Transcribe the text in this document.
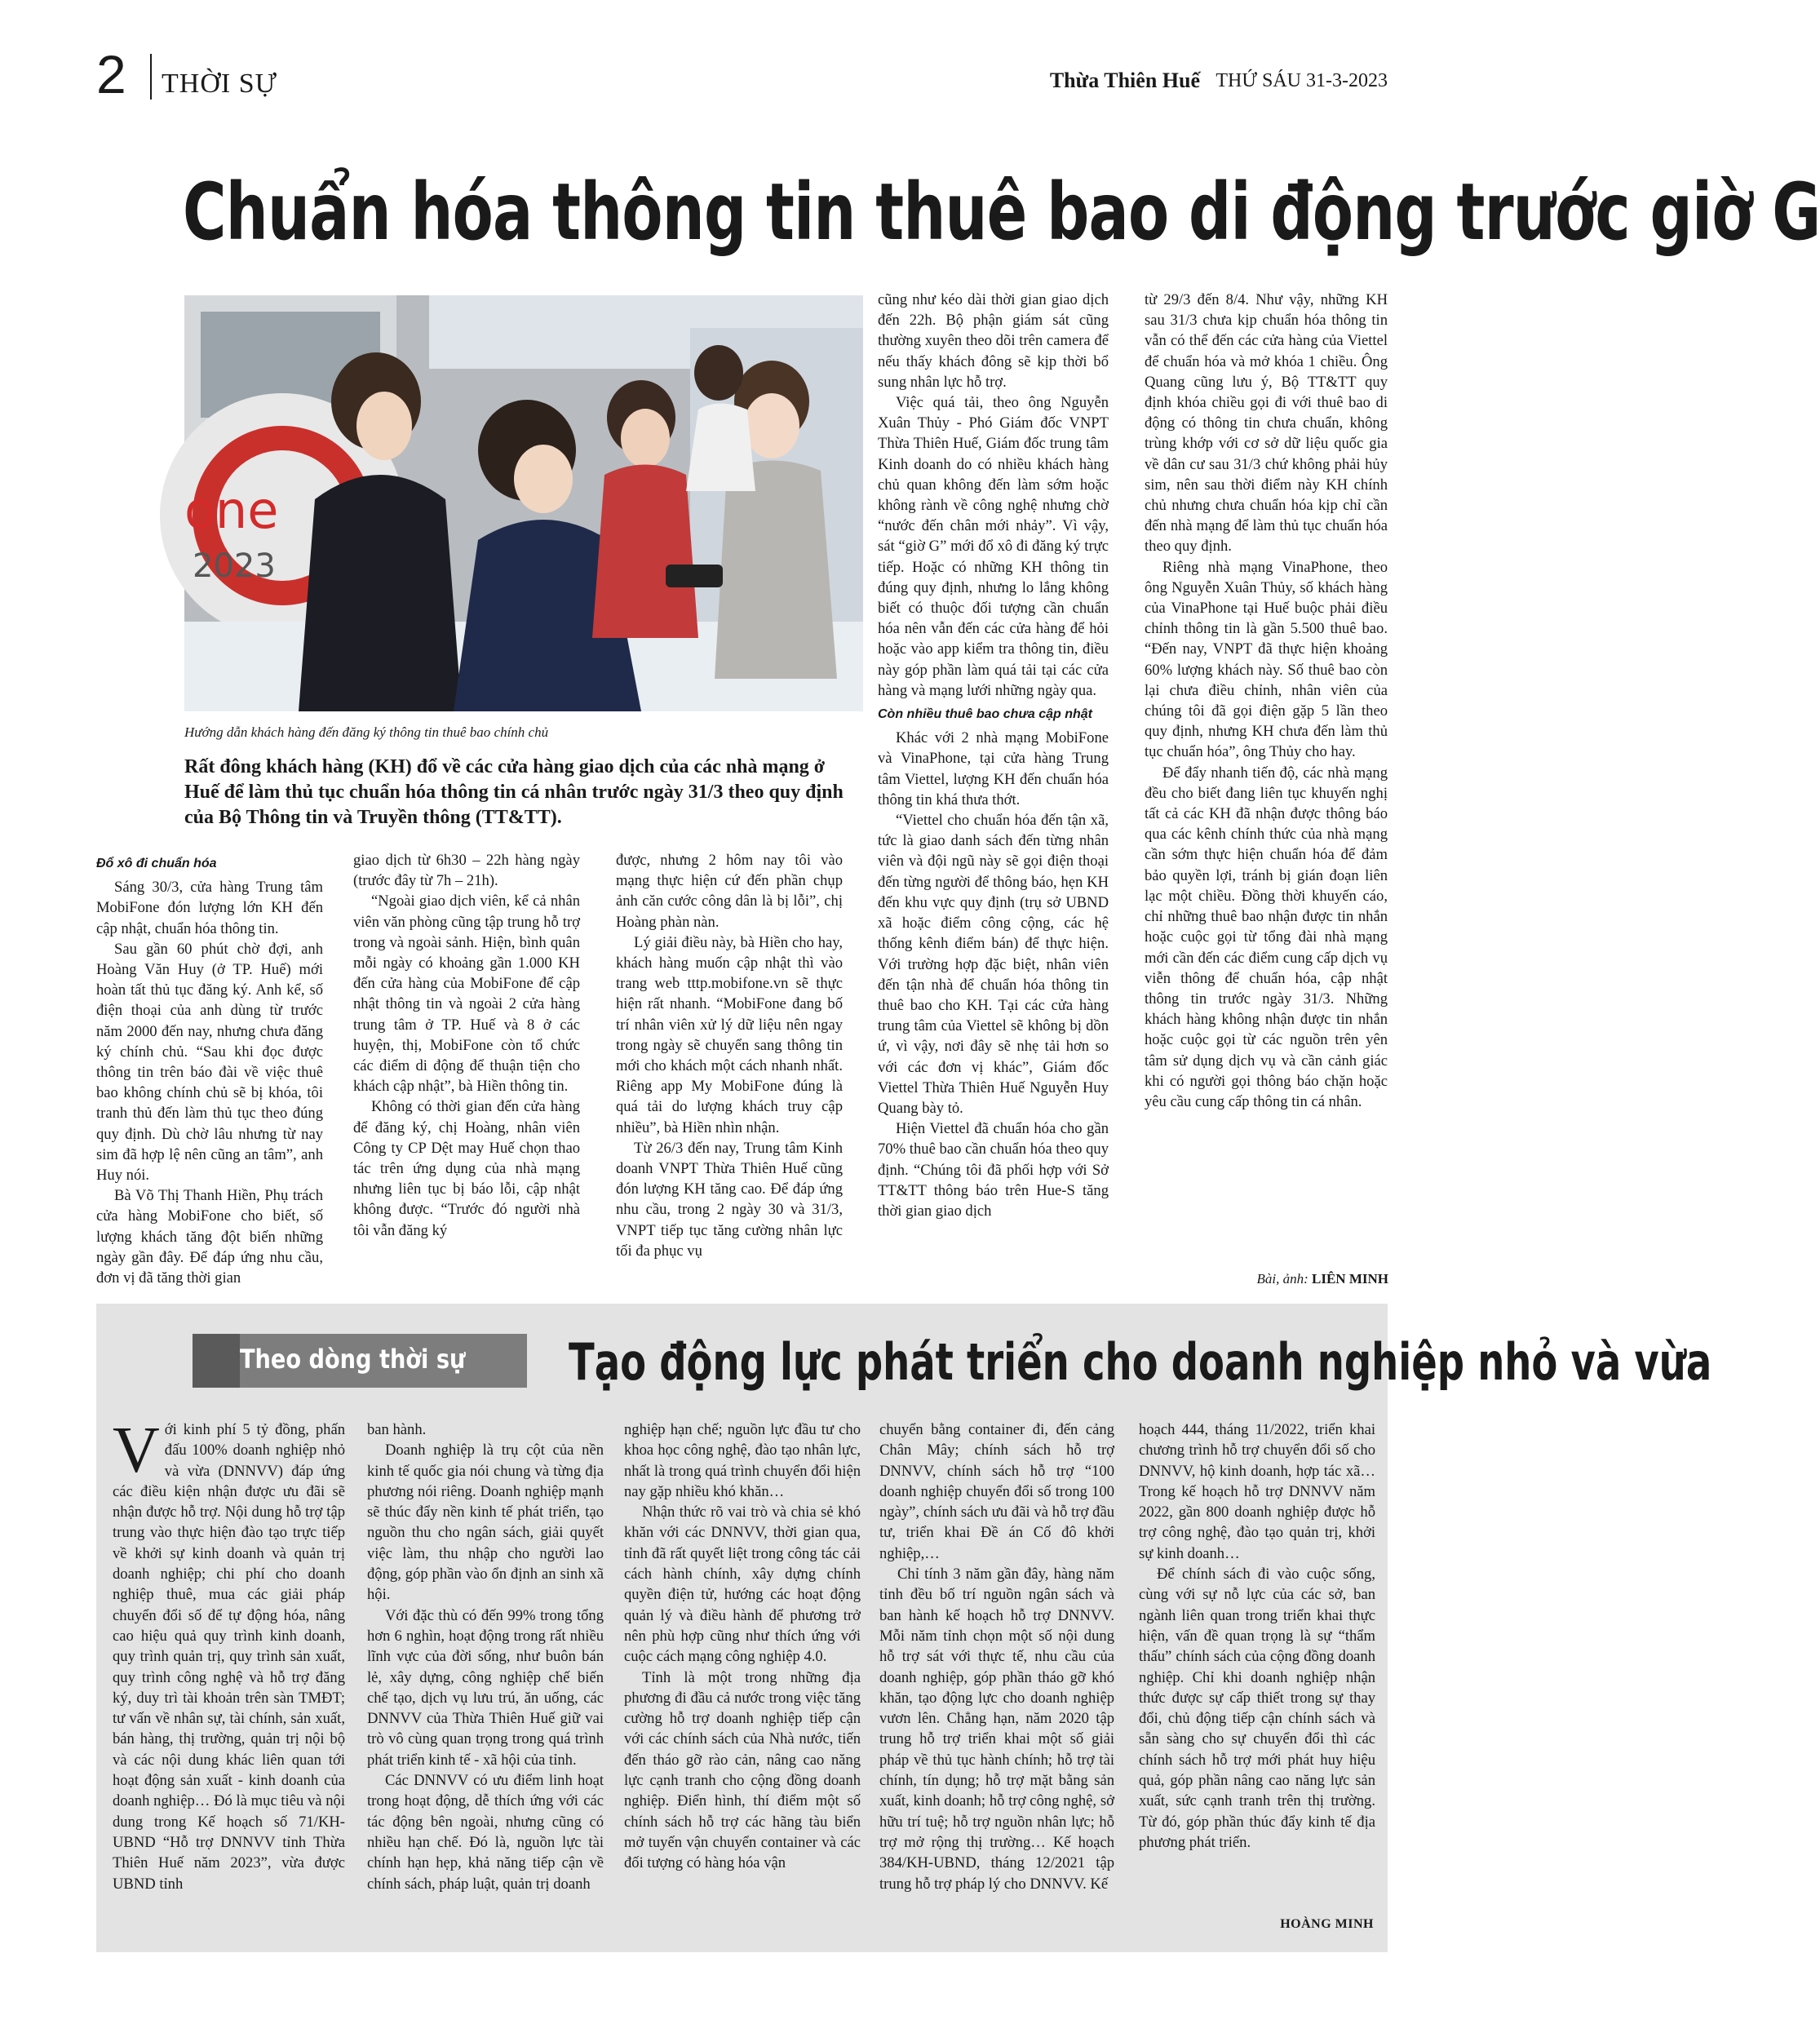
2 THỜI SỰ	Thừa Thiên Huế THỨ SÁU 31-3-2023
Chuẩn hóa thông tin thuê bao di động trước giờ G
one
2023
Hướng dẫn khách hàng đến đăng ký thông tin thuê bao chính chủ
Rất đông khách hàng (KH) đổ về các cửa hàng giao dịch của các nhà mạng ở Huế để làm thủ tục chuẩn hóa thông tin cá nhân trước ngày 31/3 theo quy định của Bộ Thông tin và Truyền thông (TT&TT).
Đổ xô đi chuẩn hóa

Sáng 30/3, cửa hàng Trung tâm MobiFone đón lượng lớn KH đến cập nhật, chuẩn hóa thông tin.

Sau gần 60 phút chờ đợi, anh Hoàng Văn Huy (ở TP. Huế) mới hoàn tất thủ tục đăng ký. Anh kể, số điện thoại của anh dùng từ trước năm 2000 đến nay, nhưng chưa đăng ký chính chủ. “Sau khi đọc được thông tin trên báo đài về việc thuê bao không chính chủ sẽ bị khóa, tôi tranh thủ đến làm thủ tục theo đúng quy định. Dù chờ lâu nhưng từ nay sim đã hợp lệ nên cũng an tâm”, anh Huy nói.

Bà Võ Thị Thanh Hiền, Phụ trách cửa hàng MobiFone cho biết, số lượng khách tăng đột biến những ngày gần đây. Để đáp ứng nhu cầu, đơn vị đã tăng thời gian

giao dịch từ 6h30 – 22h hàng ngày (trước đây từ 7h – 21h).

“Ngoài giao dịch viên, kể cả nhân viên văn phòng cũng tập trung hỗ trợ trong và ngoài sảnh. Hiện, bình quân mỗi ngày có khoảng gần 1.000 KH đến cửa hàng của MobiFone để cập nhật thông tin và ngoài 2 cửa hàng trung tâm ở TP. Huế và 8 ở các huyện, thị, MobiFone còn tổ chức các điểm di động để thuận tiện cho khách cập nhật”, bà Hiền thông tin.

Không có thời gian đến cửa hàng để đăng ký, chị Hoàng, nhân viên Công ty CP Dệt may Huế chọn thao tác trên ứng dụng của nhà mạng nhưng liên tục bị báo lỗi, cập nhật không được. “Trước đó người nhà tôi vẫn đăng ký

được, nhưng 2 hôm nay tôi vào mạng thực hiện cứ đến phần chụp ảnh căn cước công dân là bị lỗi”, chị Hoàng phàn nàn.

Lý giải điều này, bà Hiền cho hay, khách hàng muốn cập nhật thì vào trang web tttp.mobifone.vn sẽ thực hiện rất nhanh. “MobiFone đang bố trí nhân viên xử lý dữ liệu nên ngay trong ngày sẽ chuyển sang thông tin mới cho khách một cách nhanh nhất. Riêng app My MobiFone đúng là quá tải do lượng khách truy cập nhiều”, bà Hiền nhìn nhận.

Từ 26/3 đến nay, Trung tâm Kinh doanh VNPT Thừa Thiên Huế cũng đón lượng KH tăng cao. Để đáp ứng nhu cầu, trong 2 ngày 30 và 31/3, VNPT tiếp tục tăng cường nhân lực tối đa phục vụ

cũng như kéo dài thời gian giao dịch đến 22h. Bộ phận giám sát cũng thường xuyên theo dõi trên camera để nếu thấy khách đông sẽ kịp thời bổ sung nhân lực hỗ trợ.

Việc quá tải, theo ông Nguyễn Xuân Thủy - Phó Giám đốc VNPT Thừa Thiên Huế, Giám đốc trung tâm Kinh doanh do có nhiều khách hàng chủ quan không đến làm sớm hoặc không rành về công nghệ nhưng chờ “nước đến chân mới nhảy”. Vì vậy, sát “giờ G” mới đổ xô đi đăng ký trực tiếp. Hoặc có những KH thông tin đúng quy định, nhưng lo lắng không biết có thuộc đối tượng cần chuẩn hóa nên vẫn đến các cửa hàng để hỏi hoặc vào app kiểm tra thông tin, điều này góp phần làm quá tải tại các cửa hàng và mạng lưới những ngày qua.

Còn nhiều thuê bao chưa cập nhật

Khác với 2 nhà mạng MobiFone và VinaPhone, tại cửa hàng Trung tâm Viettel, lượng KH đến chuẩn hóa thông tin khá thưa thớt.

“Viettel cho chuẩn hóa đến tận xã, tức là giao danh sách đến từng nhân viên và đội ngũ này sẽ gọi điện thoại đến từng người để thông báo, hẹn KH đến khu vực quy định (trụ sở UBND xã hoặc điểm công cộng, các hệ thống kênh điểm bán) để thực hiện. Với trường hợp đặc biệt, nhân viên đến tận nhà để chuẩn hóa thông tin thuê bao cho KH. Tại các cửa hàng trung tâm của Viettel sẽ không bị dồn ứ, vì vậy, nơi đây sẽ nhẹ tải hơn so với các đơn vị khác”, Giám đốc Viettel Thừa Thiên Huế Nguyễn Huy Quang bày tỏ.

Hiện Viettel đã chuẩn hóa cho gần 70% thuê bao cần chuẩn hóa theo quy định. “Chúng tôi đã phối hợp với Sở TT&TT thông báo trên Hue-S tăng thời gian giao dịch

từ 29/3 đến 8/4. Như vậy, những KH sau 31/3 chưa kịp chuẩn hóa thông tin vẫn có thể đến các cửa hàng của Viettel để chuẩn hóa và mở khóa 1 chiều. Ông Quang cũng lưu ý, Bộ TT&TT quy định khóa chiều gọi đi với thuê bao di động có thông tin chưa chuẩn, không trùng khớp với cơ sở dữ liệu quốc gia về dân cư sau 31/3 chứ không phải hủy sim, nên sau thời điểm này KH chính chủ nhưng chưa chuẩn hóa kịp chỉ cần đến nhà mạng để làm thủ tục chuẩn hóa theo quy định.

Riêng nhà mạng VinaPhone, theo ông Nguyễn Xuân Thủy, số khách hàng của VinaPhone tại Huế buộc phải điều chỉnh thông tin là gần 5.500 thuê bao. “Đến nay, VNPT đã thực hiện khoảng 60% lượng khách này. Số thuê bao còn lại chưa điều chỉnh, nhân viên của chúng tôi đã gọi điện gặp 5 lần theo quy định, nhưng KH chưa đến làm thủ tục chuẩn hóa”, ông Thủy cho hay.

Để đẩy nhanh tiến độ, các nhà mạng đều cho biết đang liên tục khuyến nghị tất cả các KH đã nhận được thông báo qua các kênh chính thức của nhà mạng cần sớm thực hiện chuẩn hóa để đảm bảo quyền lợi, tránh bị gián đoạn liên lạc một chiều. Đồng thời khuyến cáo, chỉ những thuê bao nhận được tin nhắn hoặc cuộc gọi từ tổng đài nhà mạng mới cần đến các điểm cung cấp dịch vụ viễn thông để chuẩn hóa, cập nhật thông tin trước ngày 31/3. Những khách hàng không nhận được tin nhắn hoặc cuộc gọi từ các nguồn trên yên tâm sử dụng dịch vụ và cần cảnh giác khi có người gọi thông báo chặn hoặc yêu cầu cung cấp thông tin cá nhân.

Bài, ảnh: LIÊN MINH
Theo dòng thời sự Tạo động lực phát triển cho doanh nghiệp nhỏ và vừa

Với kinh phí 5 tỷ đồng, phấn đấu 100% doanh nghiệp nhỏ và vừa (DNNVV) đáp ứng các điều kiện nhận được ưu đãi sẽ nhận được hỗ trợ. Nội dung hỗ trợ tập trung vào thực hiện đào tạo trực tiếp về khởi sự kinh doanh và quản trị doanh nghiệp; chi phí cho doanh nghiệp thuê, mua các giải pháp chuyển đổi số để tự động hóa, nâng cao hiệu quả quy trình kinh doanh, quy trình quản trị, quy trình sản xuất, quy trình công nghệ và hỗ trợ đăng ký, duy trì tài khoản trên sàn TMĐT; tư vấn về nhân sự, tài chính, sản xuất, bán hàng, thị trường, quản trị nội bộ và các nội dung khác liên quan tới hoạt động sản xuất - kinh doanh của doanh nghiệp… Đó là mục tiêu và nội dung trong Kế hoạch số 71/KH-UBND “Hỗ trợ DNNVV tỉnh Thừa Thiên Huế năm 2023”, vừa được UBND tỉnh

ban hành.

Doanh nghiệp là trụ cột của nền kinh tế quốc gia nói chung và từng địa phương nói riêng. Doanh nghiệp mạnh sẽ thúc đẩy nền kinh tế phát triển, tạo nguồn thu cho ngân sách, giải quyết việc làm, thu nhập cho người lao động, góp phần vào ổn định an sinh xã hội.

Với đặc thù có đến 99% trong tổng hơn 6 nghìn, hoạt động trong rất nhiều lĩnh vực của đời sống, như buôn bán lẻ, xây dựng, công nghiệp chế biến chế tạo, dịch vụ lưu trú, ăn uống, các DNNVV của Thừa Thiên Huế giữ vai trò vô cùng quan trọng trong quá trình phát triển kinh tế - xã hội của tỉnh.

Các DNNVV có ưu điểm linh hoạt trong hoạt động, dễ thích ứng với các tác động bên ngoài, nhưng cũng có nhiều hạn chế. Đó là, nguồn lực tài chính hạn hẹp, khả năng tiếp cận về chính sách, pháp luật, quản trị doanh

nghiệp hạn chế; nguồn lực đầu tư cho khoa học công nghệ, đào tạo nhân lực, nhất là trong quá trình chuyển đổi hiện nay gặp nhiều khó khăn…

Nhận thức rõ vai trò và chia sẻ khó khăn với các DNNVV, thời gian qua, tỉnh đã rất quyết liệt trong công tác cải cách hành chính, xây dựng chính quyền điện tử, hướng các hoạt động quản lý và điều hành để phương trở nên phù hợp cũng như thích ứng với cuộc cách mạng công nghiệp 4.0.

Tỉnh là một trong những địa phương đi đầu cả nước trong việc tăng cường hỗ trợ doanh nghiệp tiếp cận với các chính sách của Nhà nước, tiến đến tháo gỡ rào cản, nâng cao năng lực cạnh tranh cho cộng đồng doanh nghiệp. Điển hình, thí điểm một số chính sách hỗ trợ các hãng tàu biển mở tuyến vận chuyển container và các đối tượng có hàng hóa vận

chuyển bằng container đi, đến cảng Chân Mây; chính sách hỗ trợ DNNVV, chính sách hỗ trợ “100 doanh nghiệp chuyển đổi số trong 100 ngày”, chính sách ưu đãi và hỗ trợ đầu tư, triển khai Đề án Cố đô khởi nghiệp,…

Chỉ tính 3 năm gần đây, hàng năm tỉnh đều bố trí nguồn ngân sách và ban hành kế hoạch hỗ trợ DNNVV. Mỗi năm tỉnh chọn một số nội dung hỗ trợ sát với thực tế, nhu cầu của doanh nghiệp, góp phần tháo gỡ khó khăn, tạo động lực cho doanh nghiệp vươn lên. Chẳng hạn, năm 2020 tập trung hỗ trợ triển khai một số giải pháp về thủ tục hành chính; hỗ trợ tài chính, tín dụng; hỗ trợ mặt bằng sản xuất, kinh doanh; hỗ trợ công nghệ, sở hữu trí tuệ; hỗ trợ nguồn nhân lực; hỗ trợ mở rộng thị trường… Kế hoạch 384/KH-UBND, tháng 12/2021 tập trung hỗ trợ pháp lý cho DNNVV. Kế

hoạch 444, tháng 11/2022, triển khai chương trình hỗ trợ chuyển đổi số cho DNNVV, hộ kinh doanh, hợp tác xã… Trong kế hoạch hỗ trợ DNNVV năm 2022, gần 800 doanh nghiệp được hỗ trợ công nghệ, đào tạo quản trị, khởi sự kinh doanh…

Để chính sách đi vào cuộc sống, cùng với sự nỗ lực của các sở, ban ngành liên quan trong triển khai thực hiện, vấn đề quan trọng là sự “thẩm thấu” chính sách của cộng đồng doanh nghiệp. Chỉ khi doanh nghiệp nhận thức được sự cấp thiết trong sự thay đổi, chủ động tiếp cận chính sách và sẵn sàng cho sự chuyển đổi thì các chính sách hỗ trợ mới phát huy hiệu quả, góp phần nâng cao năng lực sản xuất, sức cạnh tranh trên thị trường. Từ đó, góp phần thúc đẩy kinh tế địa phương phát triển.

HOÀNG MINH
